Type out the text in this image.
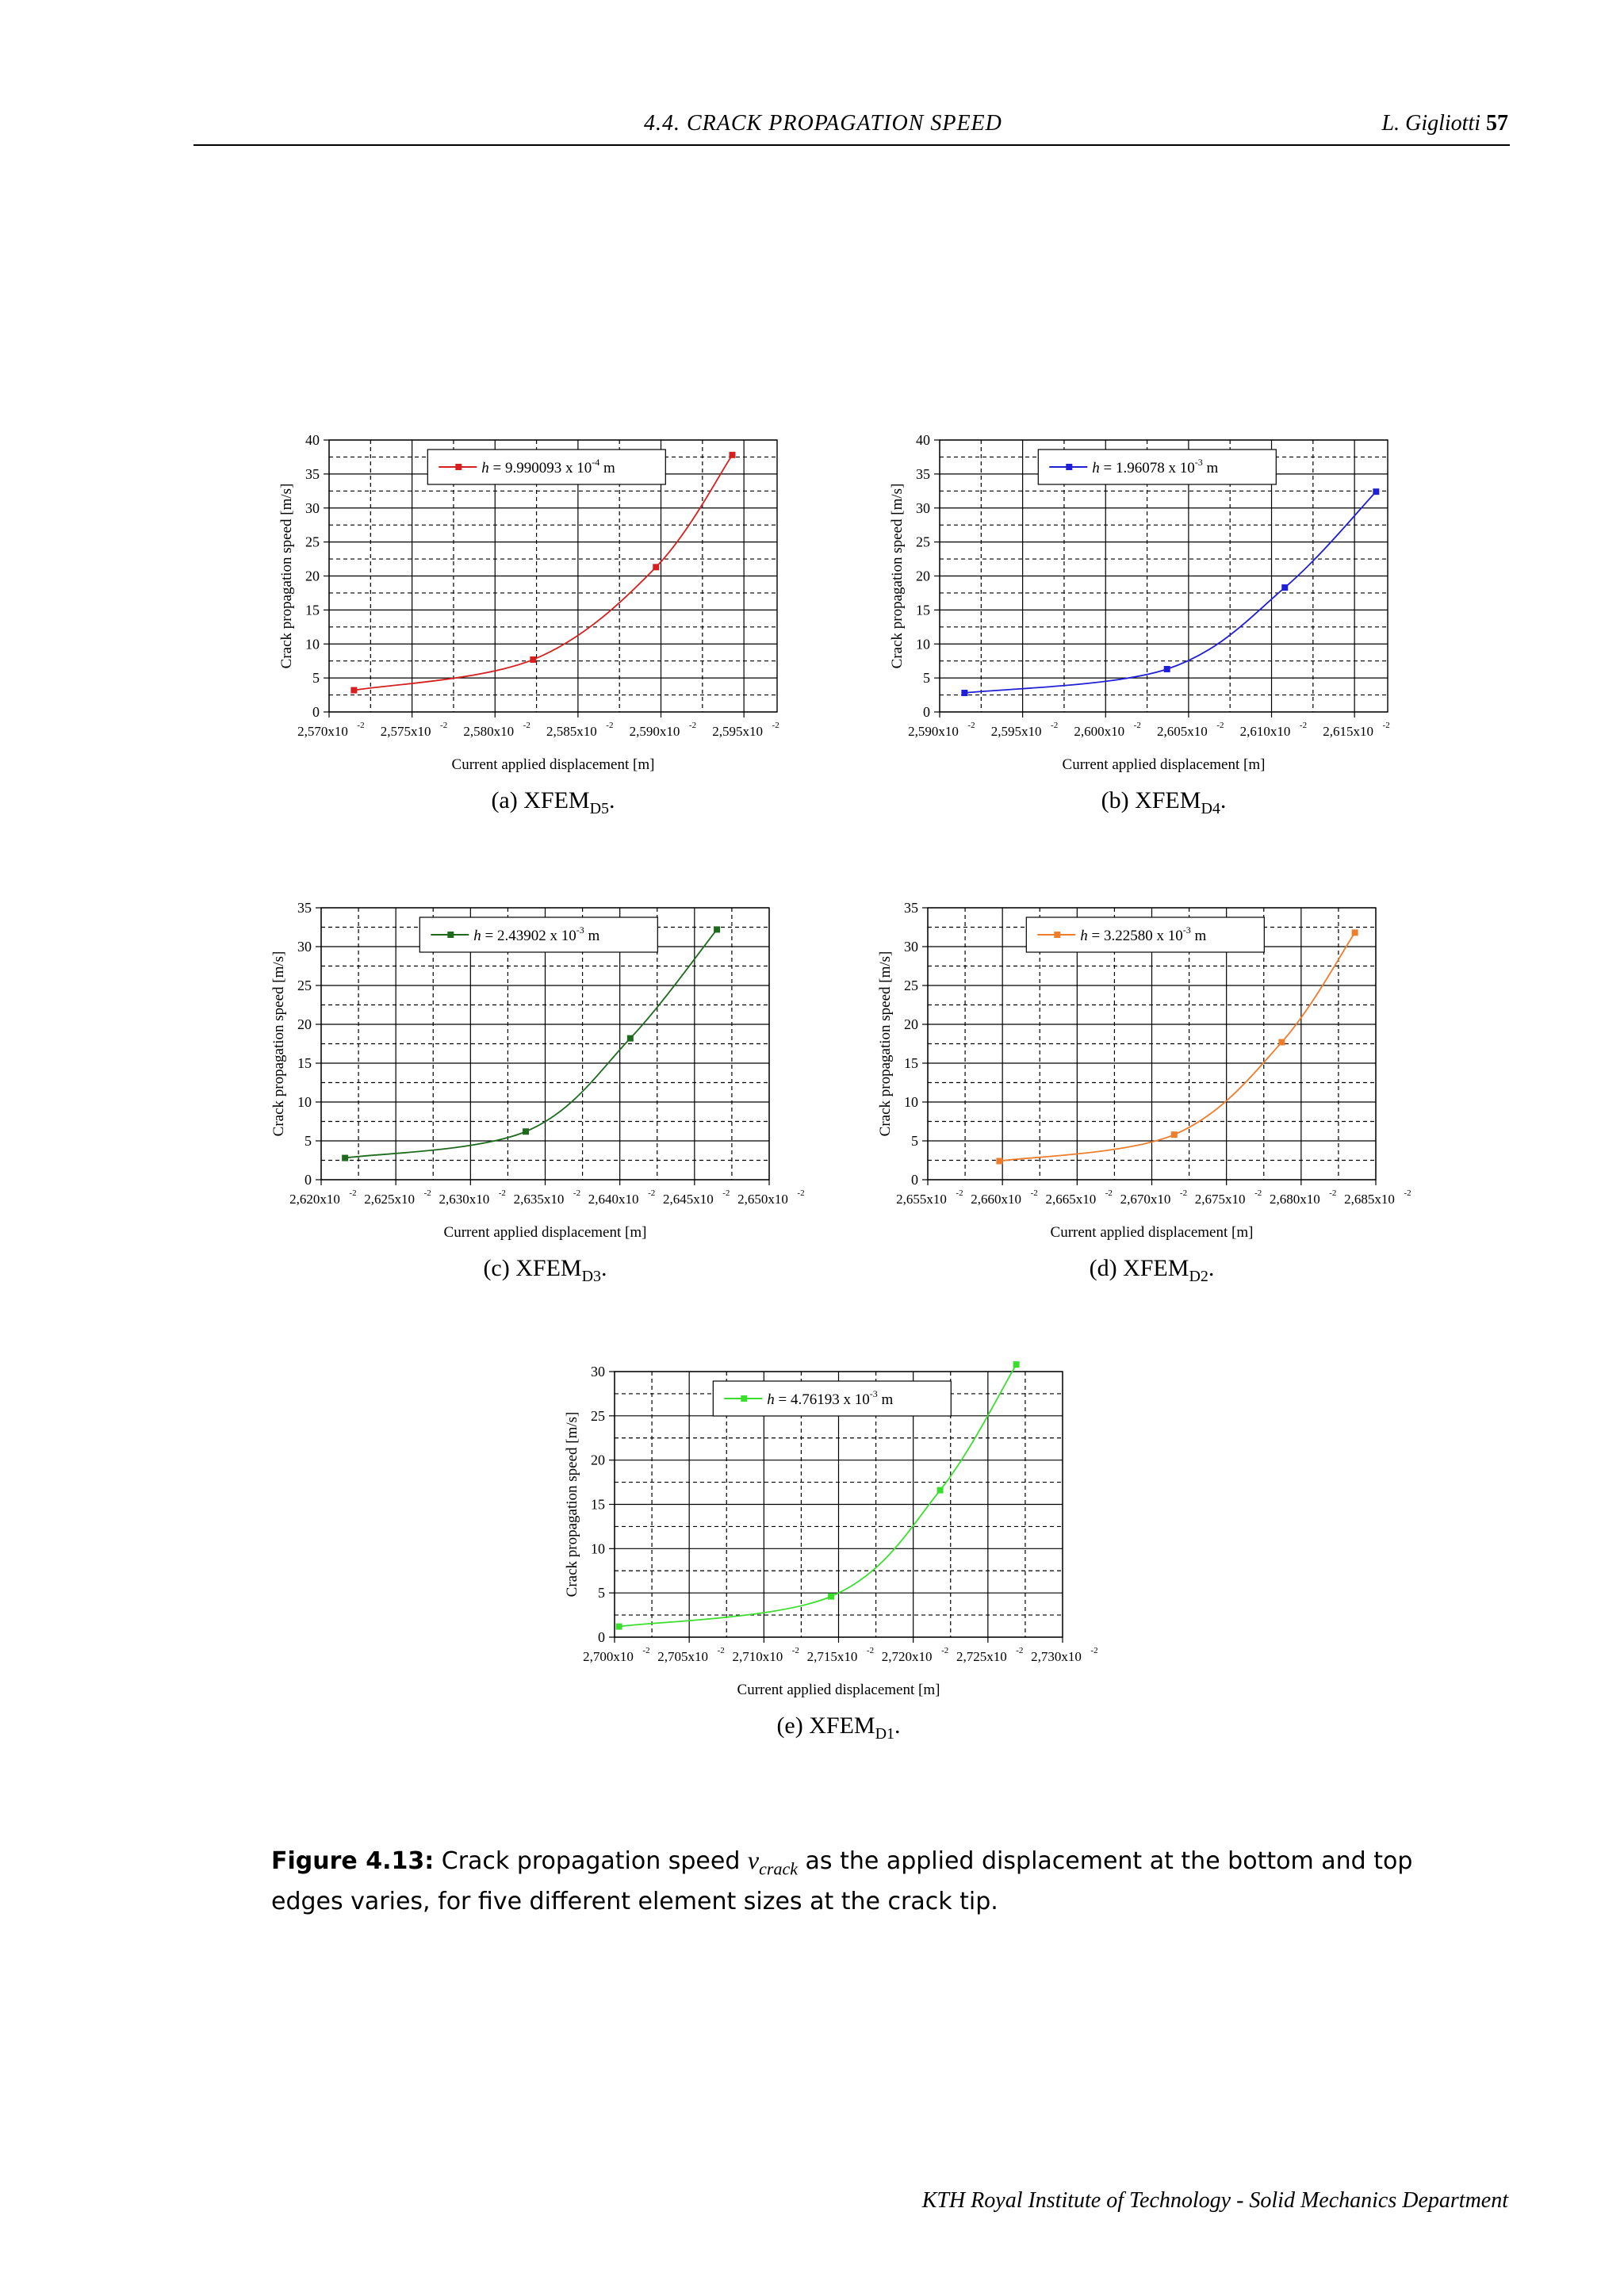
4.4. CRACK PROPAGATION SPEED	L. Gigliotti 57
0
5
10
15
20
25
30
35
40
2,570x10 -2 2,575x10 -2 2,580x10 -2 2,585x10 -2 2,590x10 -2 2,595x10 -2
Current applied displacement [m]
Crack propagation speed [m/s]
h = 9.990093 x $10^{-4}$ m
(a) $XFEM_{D5}$.
0
5
10
15
20
25
30
35
40
2,590x10 -2 2,595x10 -2 2,600x10 -2 2,605x10 -2 2,610x10 -2 2,615x10 -2
Current applied displacement [m]
Crack propagation speed [m/s]
h = 1.96078 x $10^{-3}$ m
(b) $XFEM_{D4}$.
0
5
10
15
20
25
30
35
2,620x10 -2 2,625x10 -2 2,630x10 -2 2,635x10 -2 2,640x10 -2 2,645x10 -2 2,650x10 -2
Current applied displacement [m]
Crack propagation speed [m/s]
h = 2.43902 x $10^{-3}$ m
(c) $XFEM_{D3}$.
0
5
10
15
20
25
30
35
2,655x10 -2 2,660x10 -2 2,665x10 -2 2,670x10 -2 2,675x10 -2 2,680x10 -2 2,685x10 -2
Current applied displacement [m]
Crack propagation speed [m/s]
h = 3.22580 x $10^{-3}$ m
(d) $XFEM_{D2}$.
0
5
10
15
20
25
30
2,700x10 -2 2,705x10 -2 2,710x10 -2 2,715x10 -2 2,720x10 -2 2,725x10 -2 2,730x10 -2
Current applied displacement [m]
Crack propagation speed [m/s]
h = 4.76193 x $10^{-3}$ m
(e) $XFEM_{D1}$.
Figure 4.13: Crack propagation speed $v_{crack}$ as the applied displacement at the bottom and top edges varies, for five different element sizes at the crack tip.
KTH Royal Institute of Technology - Solid Mechanics Department
